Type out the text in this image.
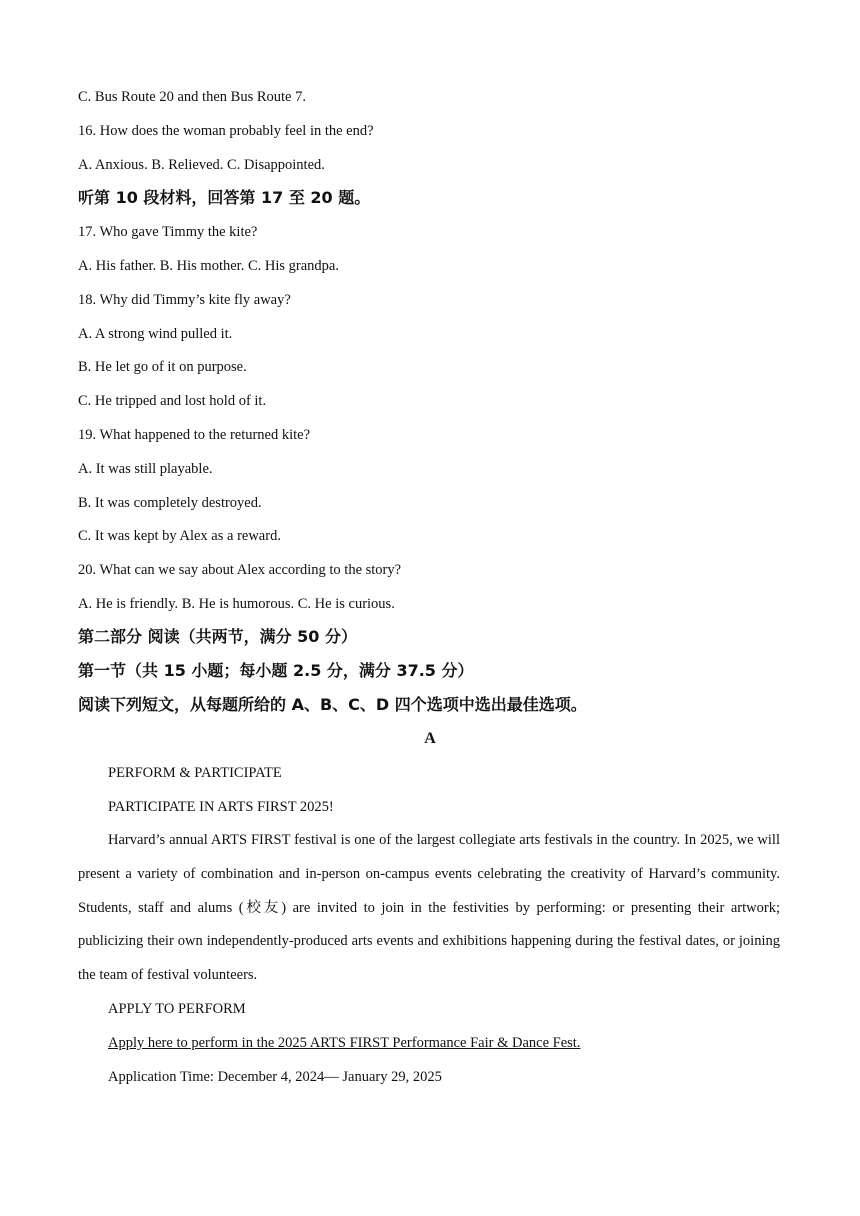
C. Bus Route 20 and then Bus Route 7.
16. How does the woman probably feel in the end?
A. Anxious. B. Relieved. C. Disappointed.
听第 10 段材料，回答第 17 至 20 题。
17. Who gave Timmy the kite?
A. His father. B. His mother. C. His grandpa.
18. Why did Timmy’s kite fly away?
A. A strong wind pulled it.
B. He let go of it on purpose.
C. He tripped and lost hold of it.
19. What happened to the returned kite?
A. It was still playable.
B. It was completely destroyed.
C. It was kept by Alex as a reward.
20. What can we say about Alex according to the story?
A. He is friendly. B. He is humorous. C. He is curious.
第二部分 阅读（共两节，满分 50 分）
第一节（共 15 小题；每小题 2.5 分，满分 37.5 分）
阅读下列短文，从每题所给的 A、B、C、D 四个选项中选出最佳选项。
A
PERFORM & PARTICIPATE
PARTICIPATE IN ARTS FIRST 2025!
Harvard’s annual ARTS FIRST festival is one of the largest collegiate arts festivals in the country. In 2025, we will present a variety of combination and in-person on-campus events celebrating the creativity of Harvard’s community. Students, staff and alums (校友) are invited to join in the festivities by performing: or presenting their artwork; publicizing their own independently-produced arts events and exhibitions happening during the festival dates, or joining the team of festival volunteers.
APPLY TO PERFORM
Apply here to perform in the 2025 ARTS FIRST Performance Fair & Dance Fest.
Application Time: December 4, 2024— January 29, 2025
